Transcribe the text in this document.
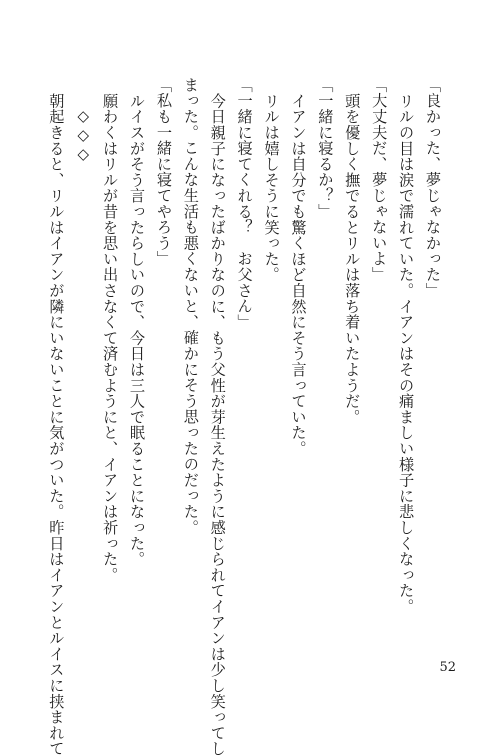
「良かった、夢じゃなかった」
リルの目は涙で濡れていた。イアンはその痛ましい様子に悲しくなった。
「大丈夫だ、夢じゃないよ」
頭を優しく撫でるとリルは落ち着いたようだ。
「一緒に寝るか？」
イアンは自分でも驚くほど自然にそう言っていた。
リルは嬉しそうに笑った。
「一緒に寝てくれる？　お父さん」
今日親子になったばかりなのに、もう父性が芽生えたように感じられてイアンは少し笑ってし
まった。こんな生活も悪くないと、確かにそう思ったのだった。
「私も一緒に寝てやろう」
ルイスがそう言ったらしいので、今日は三人で眠ることになった。
願わくはリルが昔を思い出さなくて済むようにと、イアンは祈った。
◇◇◇
朝起きると、リルはイアンが隣にいないことに気がついた。昨日はイアンとルイスに挟まれて	52
